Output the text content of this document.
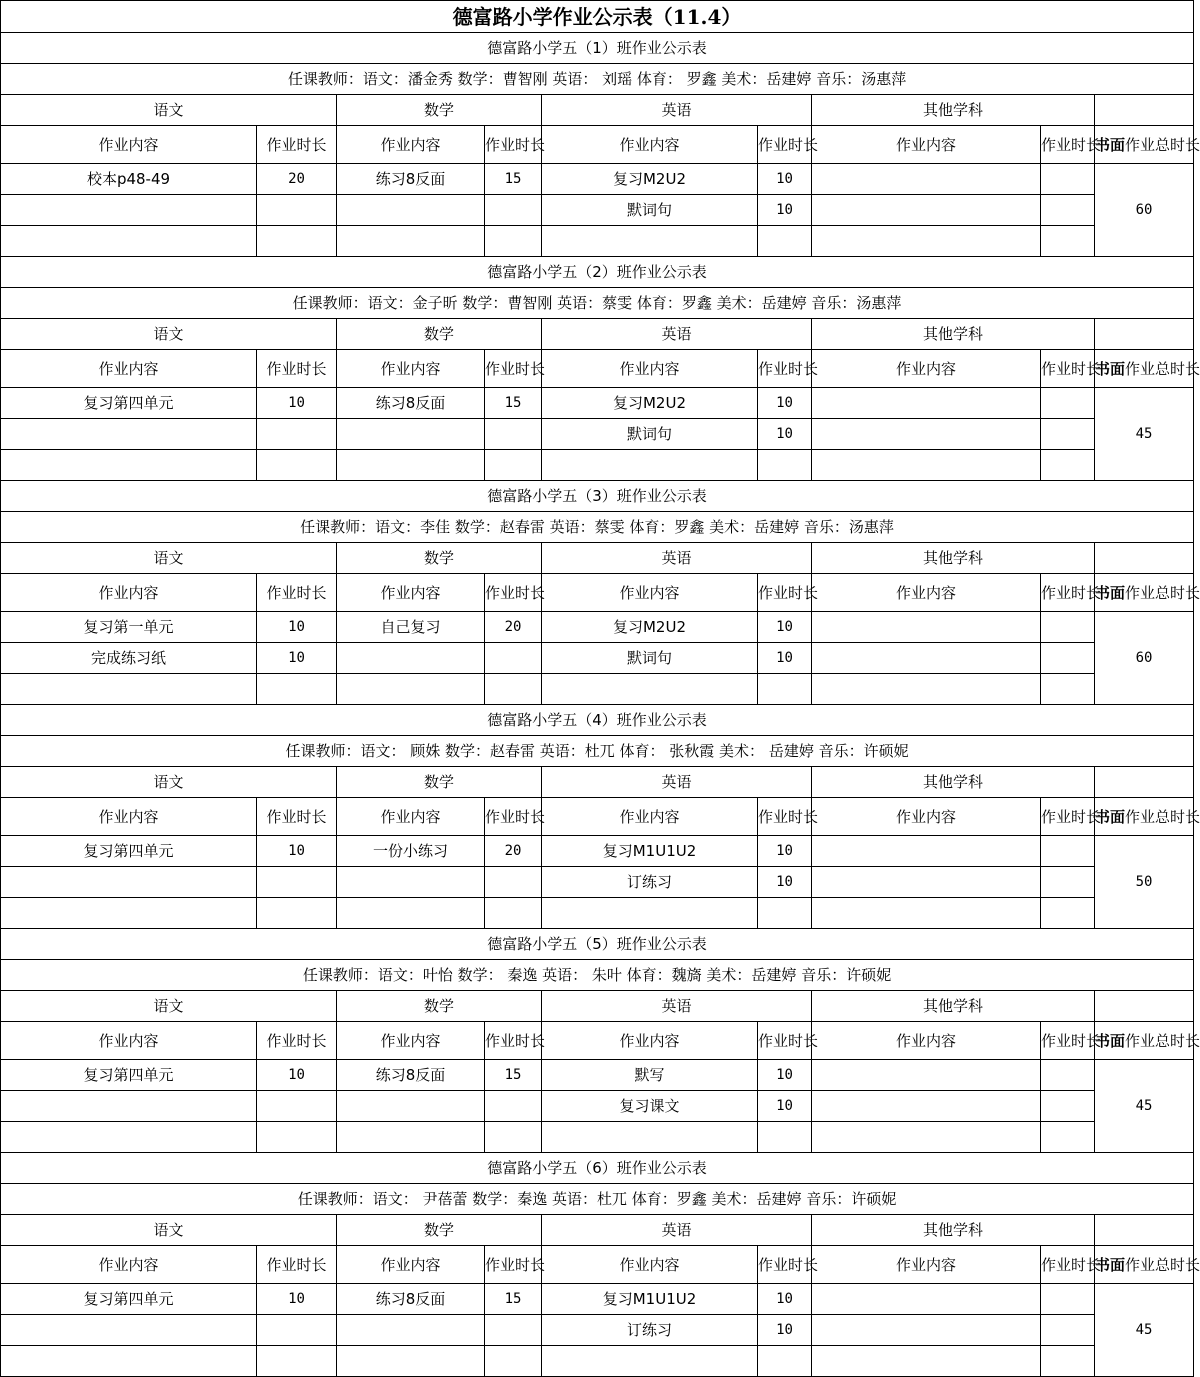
德富路小学作业公示表（11.4）								
德富路小学五（1）班作业公示表								
任课教师：语文：潘金秀 数学：曹智刚 英语： 刘瑶 体育： 罗鑫 美术：岳建婷 音乐：汤惠萍								
语文		数学		英语		其他学科		
作业内容	作业时长	作业内容	作业时长	作业内容	作业时长	作业内容	作业时长	书面作业总时长
校本p48-49	20	练习8反面	15	复习M2U2	10			60
				默词句	10			

德富路小学五（2）班作业公示表								
任课教师：语文：金子昕 数学：曹智刚 英语：蔡雯 体育：罗鑫 美术：岳建婷 音乐：汤惠萍								
语文		数学		英语		其他学科		
作业内容	作业时长	作业内容	作业时长	作业内容	作业时长	作业内容	作业时长	书面作业总时长
复习第四单元	10	练习8反面	15	复习M2U2	10			45
				默词句	10			

德富路小学五（3）班作业公示表								
任课教师：语文：李佳 数学：赵春雷 英语：蔡雯 体育：罗鑫 美术：岳建婷 音乐：汤惠萍								
语文		数学		英语		其他学科		
作业内容	作业时长	作业内容	作业时长	作业内容	作业时长	作业内容	作业时长	书面作业总时长
复习第一单元	10	自己复习	20	复习M2U2	10			60
完成练习纸	10			默词句	10			

德富路小学五（4）班作业公示表								
任课教师：语文： 顾姝 数学：赵春雷 英语：杜兀 体育： 张秋霞 美术： 岳建婷 音乐：许硕妮								
语文		数学		英语		其他学科		
作业内容	作业时长	作业内容	作业时长	作业内容	作业时长	作业内容	作业时长	书面作业总时长
复习第四单元	10	一份小练习	20	复习M1U1U2	10			50
				订练习	10			

德富路小学五（5）班作业公示表								
任课教师：语文：叶怡 数学： 秦逸 英语： 朱叶 体育：魏旖 美术：岳建婷 音乐：许硕妮								
语文		数学		英语		其他学科		
作业内容	作业时长	作业内容	作业时长	作业内容	作业时长	作业内容	作业时长	书面作业总时长
复习第四单元	10	练习8反面	15	默写	10			45
				复习课文	10			

德富路小学五（6）班作业公示表								
任课教师：语文： 尹蓓蕾 数学：秦逸 英语：杜兀 体育：罗鑫 美术：岳建婷 音乐：许硕妮								
语文		数学		英语		其他学科		
作业内容	作业时长	作业内容	作业时长	作业内容	作业时长	作业内容	作业时长	书面作业总时长
复习第四单元	10	练习8反面	15	复习M1U1U2	10			45
				订练习	10			
